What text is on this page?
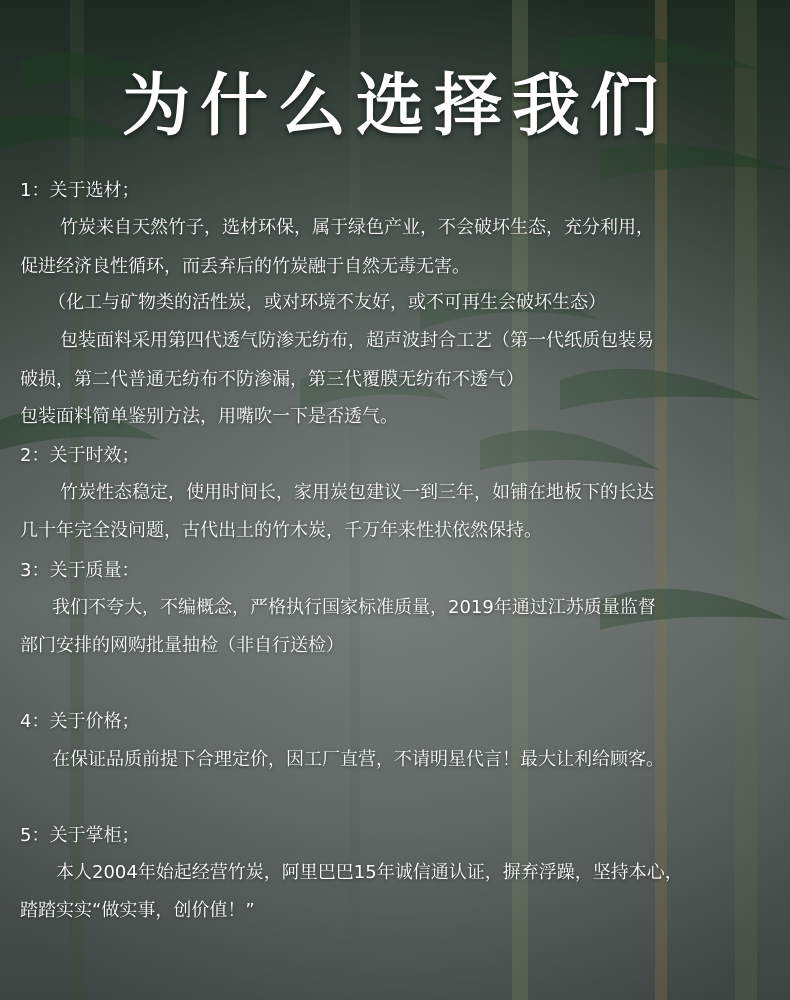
为什么选择我们
1：关于选材；
竹炭来自天然竹子，选材环保，属于绿色产业，不会破坏生态，充分利用，
促进经济良性循环，而丢弃后的竹炭融于自然无毒无害。
（化工与矿物类的活性炭，或对环境不友好，或不可再生会破坏生态）
包装面料采用第四代透气防渗无纺布，超声波封合工艺（第一代纸质包装易
破损，第二代普通无纺布不防渗漏，第三代覆膜无纺布不透气）
包装面料简单鉴别方法，用嘴吹一下是否透气。
2：关于时效；
竹炭性态稳定，使用时间长，家用炭包建议一到三年，如铺在地板下的长达
几十年完全没问题，古代出土的竹木炭，千万年来性状依然保持。
3：关于质量：
我们不夸大，不编概念，严格执行国家标准质量，2019年通过江苏质量监督
部门安排的网购批量抽检（非自行送检）
4：关于价格；
在保证品质前提下合理定价，因工厂直营，不请明星代言！最大让利给顾客。
5：关于掌柜；
本人2004年始起经营竹炭，阿里巴巴15年诚信通认证，摒弃浮躁，坚持本心，
踏踏实实“做实事，创价值！”
